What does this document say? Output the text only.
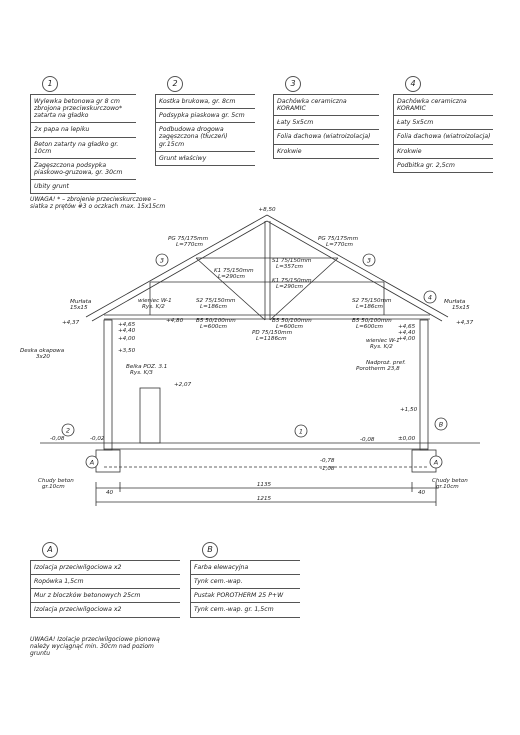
1
Wylewka betonowa gr 8 cm zbrojona przeciwskurczowo* zatarta na gładko
2x papa na lepiku
Beton zatarty na gładko gr. 10cm
Zagęszczona podsypka piaskowo-gruzowa, gr. 30cm
Ubity grunt
2
Kostka brukowa, gr. 8cm
Podsypka piaskowa gr. 5cm
Podbudowa drogowa zagęszczona (tłuczeń) gr.15cm
Grunt właściwy
3
Dachówka ceramiczna KORAMIC
Łaty 5x5cm
Folia dachowa (wiatroizolacja)
Krokwie
4
Dachówka ceramiczna KORAMIC
Łaty 5x5cm
Folia dachowa (wiatroizolacja)
Krokwie
Podbitka gr. 2,5cm
UWAGA! * – zbrojenie przeciwskurczowe – siatka z prętów #3 o oczkach max. 15x15cm	+8,50
PG 75/175mm
L=770cm
PG 75/175mm
L=770cm
S1 75/150mm
L=357cm
K1 75/150mm
L=290cm
K1 75/150mm
L=290cm
S2 75/150mm
L=186cm
S2 75/150mm
L=186cm
B5 50/100mm
L=600cm
B5 50/100mm
L=600cm
B5 50/100mm
L=600cm
PD 75/150mm
L=1186cm
Murłata
15x15
Murłata
15x15
wieniec W-1
Rys. K/2
wieniec W-1
Rys. K/2
Deska okapowa
3x20
Belka POZ. 3.1
Rys. K/3
Nadproż. pref.
Porotherm 23,8
+4,37	+4,37
+4,65
+4,40
+4,00
+4,80
+3,50
+2,07
+4,65
+4,40
+4,00
+1,50
±0,00
-0,08	-0,02	-0,08
-0,78
-1,08
Chudy beton
gr.10cm
Chudy beton
gr.10cm
1135
1215
40	40
1
2
3	3
4
A	A
B
A
Izolacja przeciwilgociowa x2
Ropówka 1,5cm
Mur z bloczków betonowych 25cm
Izolacja przeciwilgociowa x2
B
Farba elewacyjna
Tynk cem.-wap.
Pustak POROTHERM 25 P+W
Tynk cem.-wap. gr. 1,5cm
UWAGA! Izolacje przeciwilgociowe pionową należy wyciągnąć min. 30cm nad poziom gruntu
